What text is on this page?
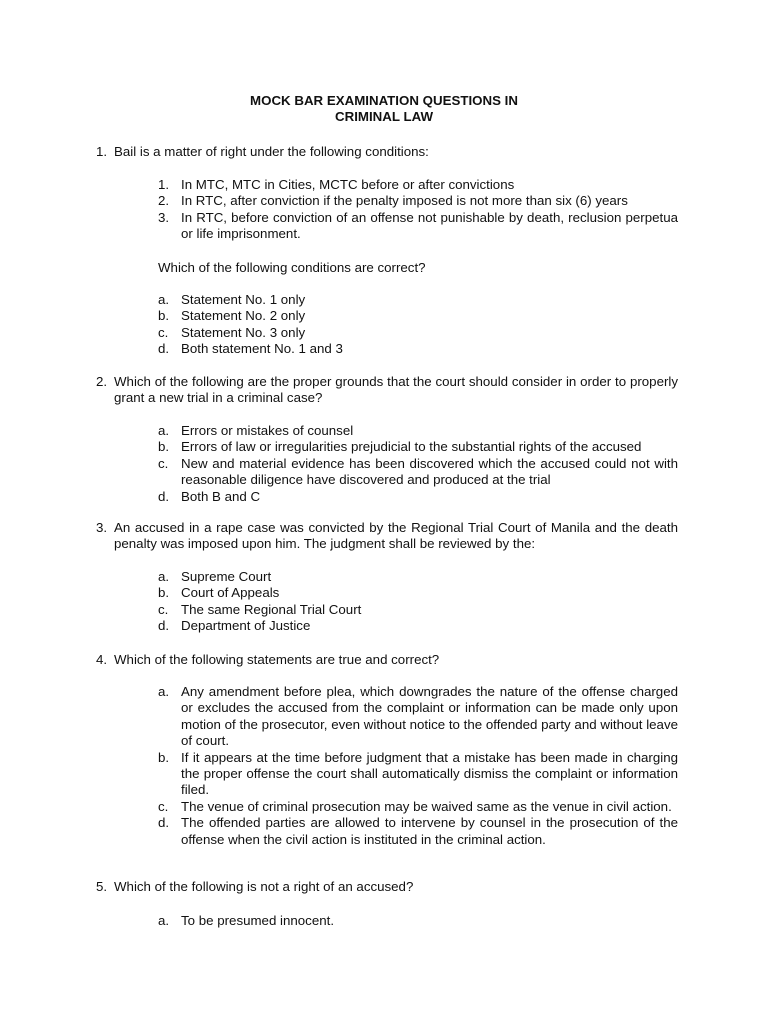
MOCK BAR EXAMINATION QUESTIONS IN
CRIMINAL LAW
1. Bail is a matter of right under the following conditions:
1. In MTC, MTC in Cities, MCTC before or after convictions
2. In RTC, after conviction if the penalty imposed is not more than six (6) years
3. In RTC, before conviction of an offense not punishable by death, reclusion perpetua or life imprisonment.
Which of the following conditions are correct?
a. Statement No. 1 only
b. Statement No. 2 only
c. Statement No. 3 only
d. Both statement No. 1 and 3
2. Which of the following are the proper grounds that the court should consider in order to properly grant a new trial in a criminal case?
a. Errors or mistakes of counsel
b. Errors of law or irregularities prejudicial to the substantial rights of the accused
c. New and material evidence has been discovered which the accused could not with reasonable diligence have discovered and produced at the trial
d. Both B and C
3. An accused in a rape case was convicted by the Regional Trial Court of Manila and the death penalty was imposed upon him. The judgment shall be reviewed by the:
a. Supreme Court
b. Court of Appeals
c. The same Regional Trial Court
d. Department of Justice
4. Which of the following statements are true and correct?
a. Any amendment before plea, which downgrades the nature of the offense charged or excludes the accused from the complaint or information can be made only upon motion of the prosecutor, even without notice to the offended party and without leave of court.
b. If it appears at the time before judgment that a mistake has been made in charging the proper offense the court shall automatically dismiss the complaint or information filed.
c. The venue of criminal prosecution may be waived same as the venue in civil action.
d. The offended parties are allowed to intervene by counsel in the prosecution of the offense when the civil action is instituted in the criminal action.
5. Which of the following is not a right of an accused?
a. To be presumed innocent.
